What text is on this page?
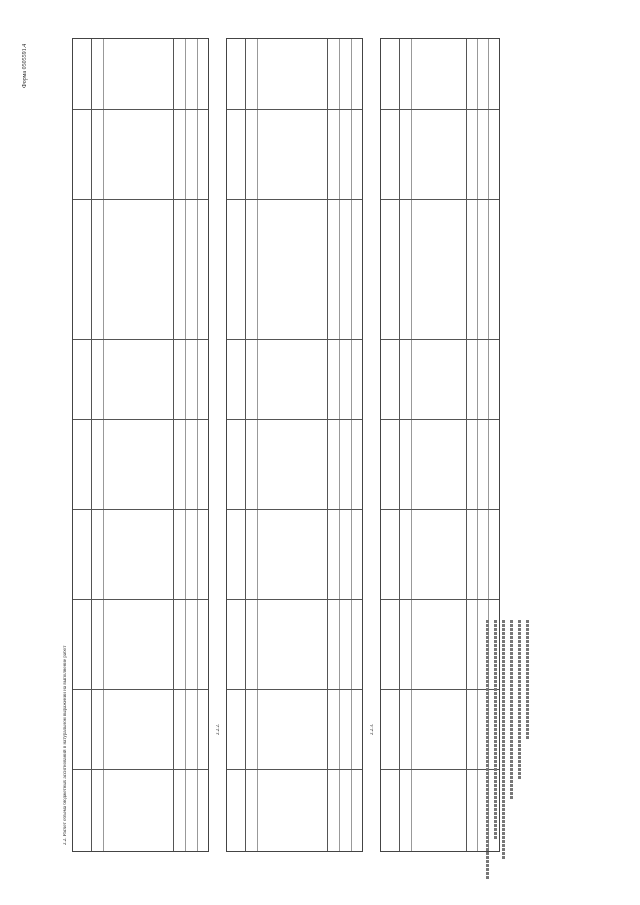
Форма 0505591.4
2.2. Расчет объема бюджетных ассигнований в натуральном выражении на выполнение работ	2.2.2.	2.2.3.
